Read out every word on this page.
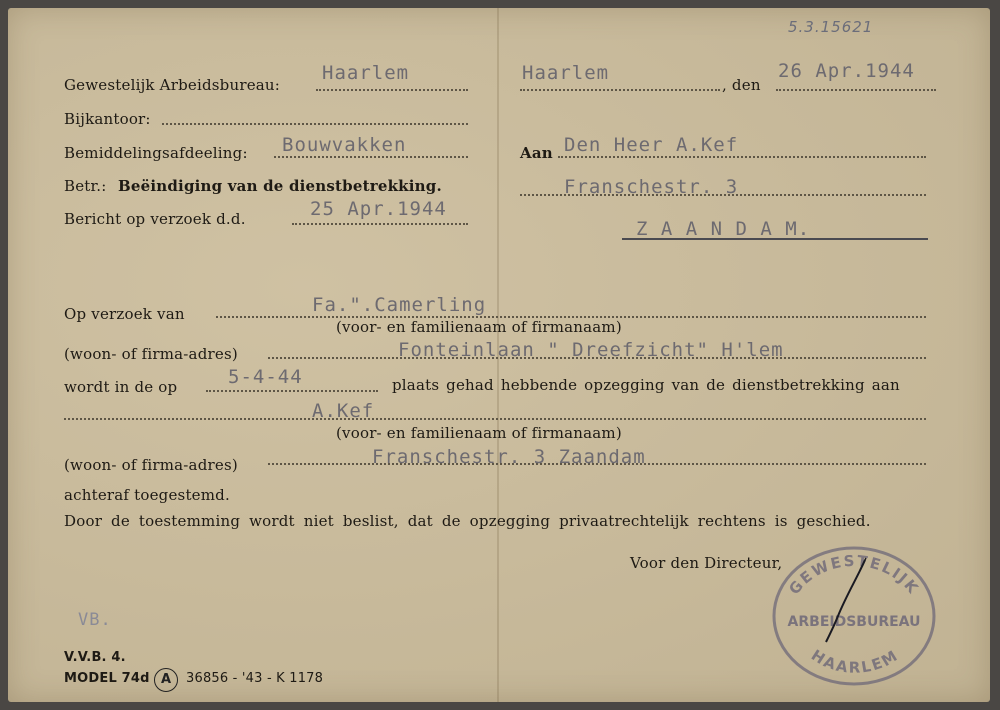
5.3.15621
Gewestelijk Arbeidsbureau:
Haarlem
Bijkantoor:
Bemiddelingsafdeeling: Bouwvakken
Betr.: Beëindiging van de dienstbetrekking.
Bericht op verzoek d.d.	25 Apr.1944
Haarlem
, den
26 Apr.1944
Aan Den Heer A.Kef
Franschestr. 3
Z A A N D A M.
Op verzoek van	Fa.".Camerling
(voor- en familienaam of firmanaam)
(woon- of firma-adres)	Fonteinlaan " Dreefzicht" H'lem
wordt in de op	5-4-44	plaats gehad hebbende opzegging van de dienstbetrekking aan
A.Kef
(voor- en familienaam of firmanaam)
(woon- of firma-adres)	Franschestr. 3 Zaandam
achteraf toegestemd.
Door de toestemming wordt niet beslist, dat de opzegging privaatrechtelijk rechtens is geschied.
Voor den Directeur,
GEWESTELIJK
ARBEIDSBUREAU
HAARLEM
VB.
V.V.B. 4.
MODEL 74d A	36856 - '43 - K 1178
